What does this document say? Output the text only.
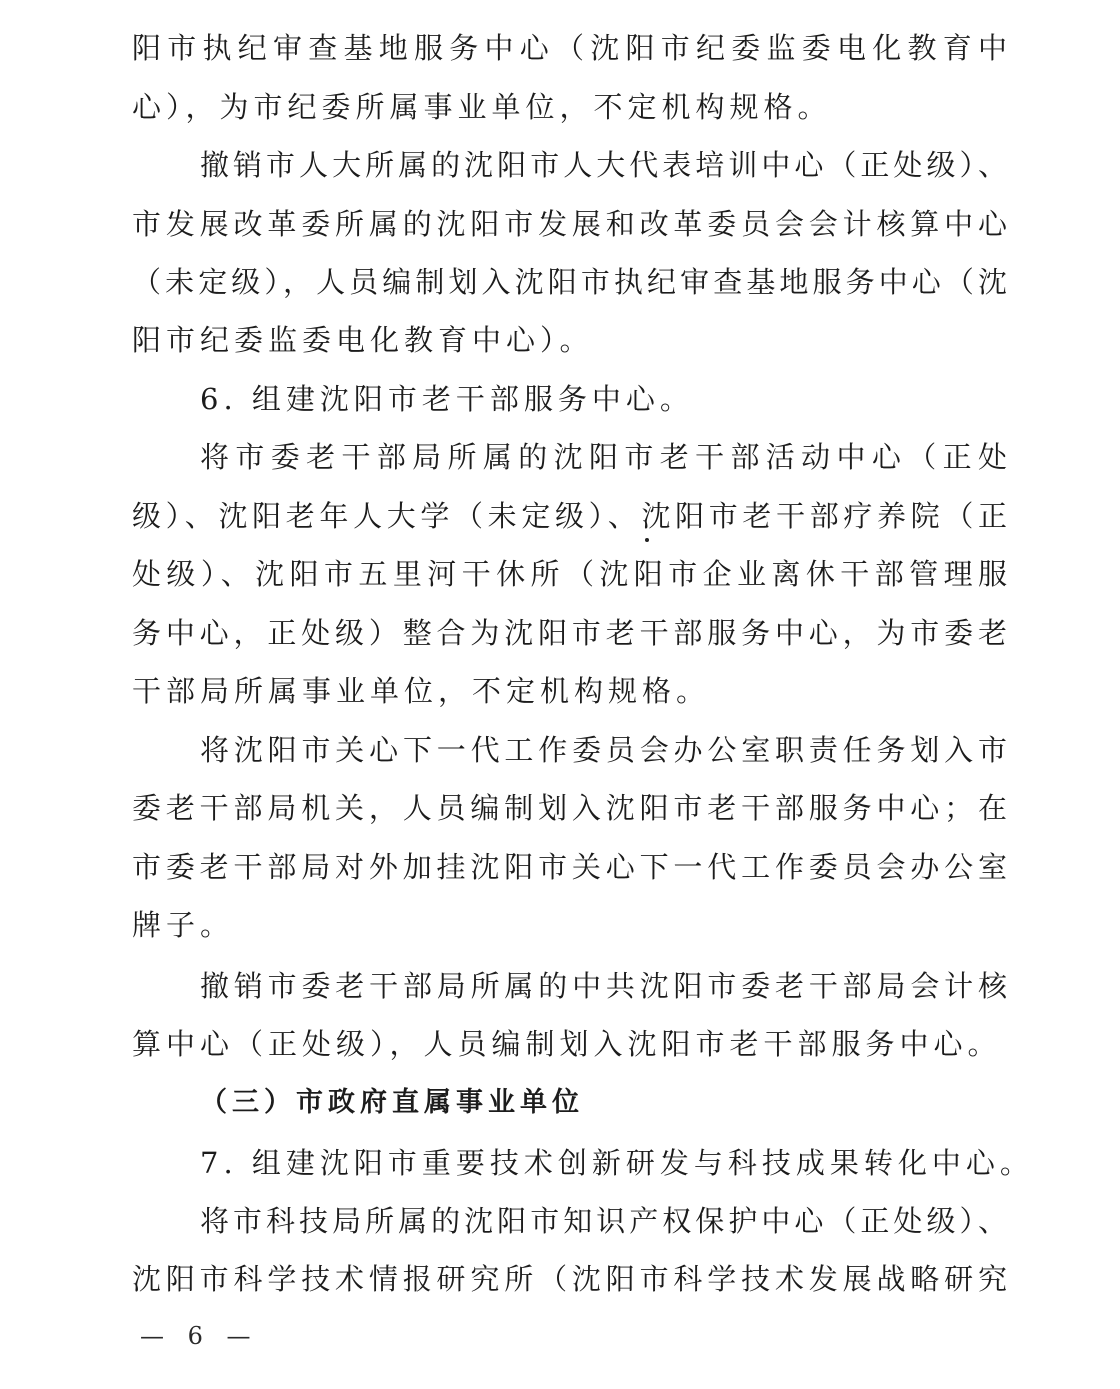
阳市执纪审查基地服务中心（沈阳市纪委监委电化教育中
心），为市纪委所属事业单位，不定机构规格。
撤销市人大所属的沈阳市人大代表培训中心（正处级）、
市发展改革委所属的沈阳市发展和改革委员会会计核算中心
（未定级），人员编制划入沈阳市执纪审查基地服务中心（沈
阳市纪委监委电化教育中心）。
6. 组建沈阳市老干部服务中心。
将市委老干部局所属的沈阳市老干部活动中心（正处
级）、沈阳老年人大学（未定级）、沈阳市老干部疗养院（正
处级）、沈阳市五里河干休所（沈阳市企业离休干部管理服
务中心，正处级）整合为沈阳市老干部服务中心，为市委老
干部局所属事业单位，不定机构规格。
将沈阳市关心下一代工作委员会办公室职责任务划入市
委老干部局机关，人员编制划入沈阳市老干部服务中心；在
市委老干部局对外加挂沈阳市关心下一代工作委员会办公室
牌子。
撤销市委老干部局所属的中共沈阳市委老干部局会计核
算中心（正处级），人员编制划入沈阳市老干部服务中心。
（三）市政府直属事业单位
7. 组建沈阳市重要技术创新研发与科技成果转化中心。
将市科技局所属的沈阳市知识产权保护中心（正处级）、
沈阳市科学技术情报研究所（沈阳市科学技术发展战略研究
— 6 —
